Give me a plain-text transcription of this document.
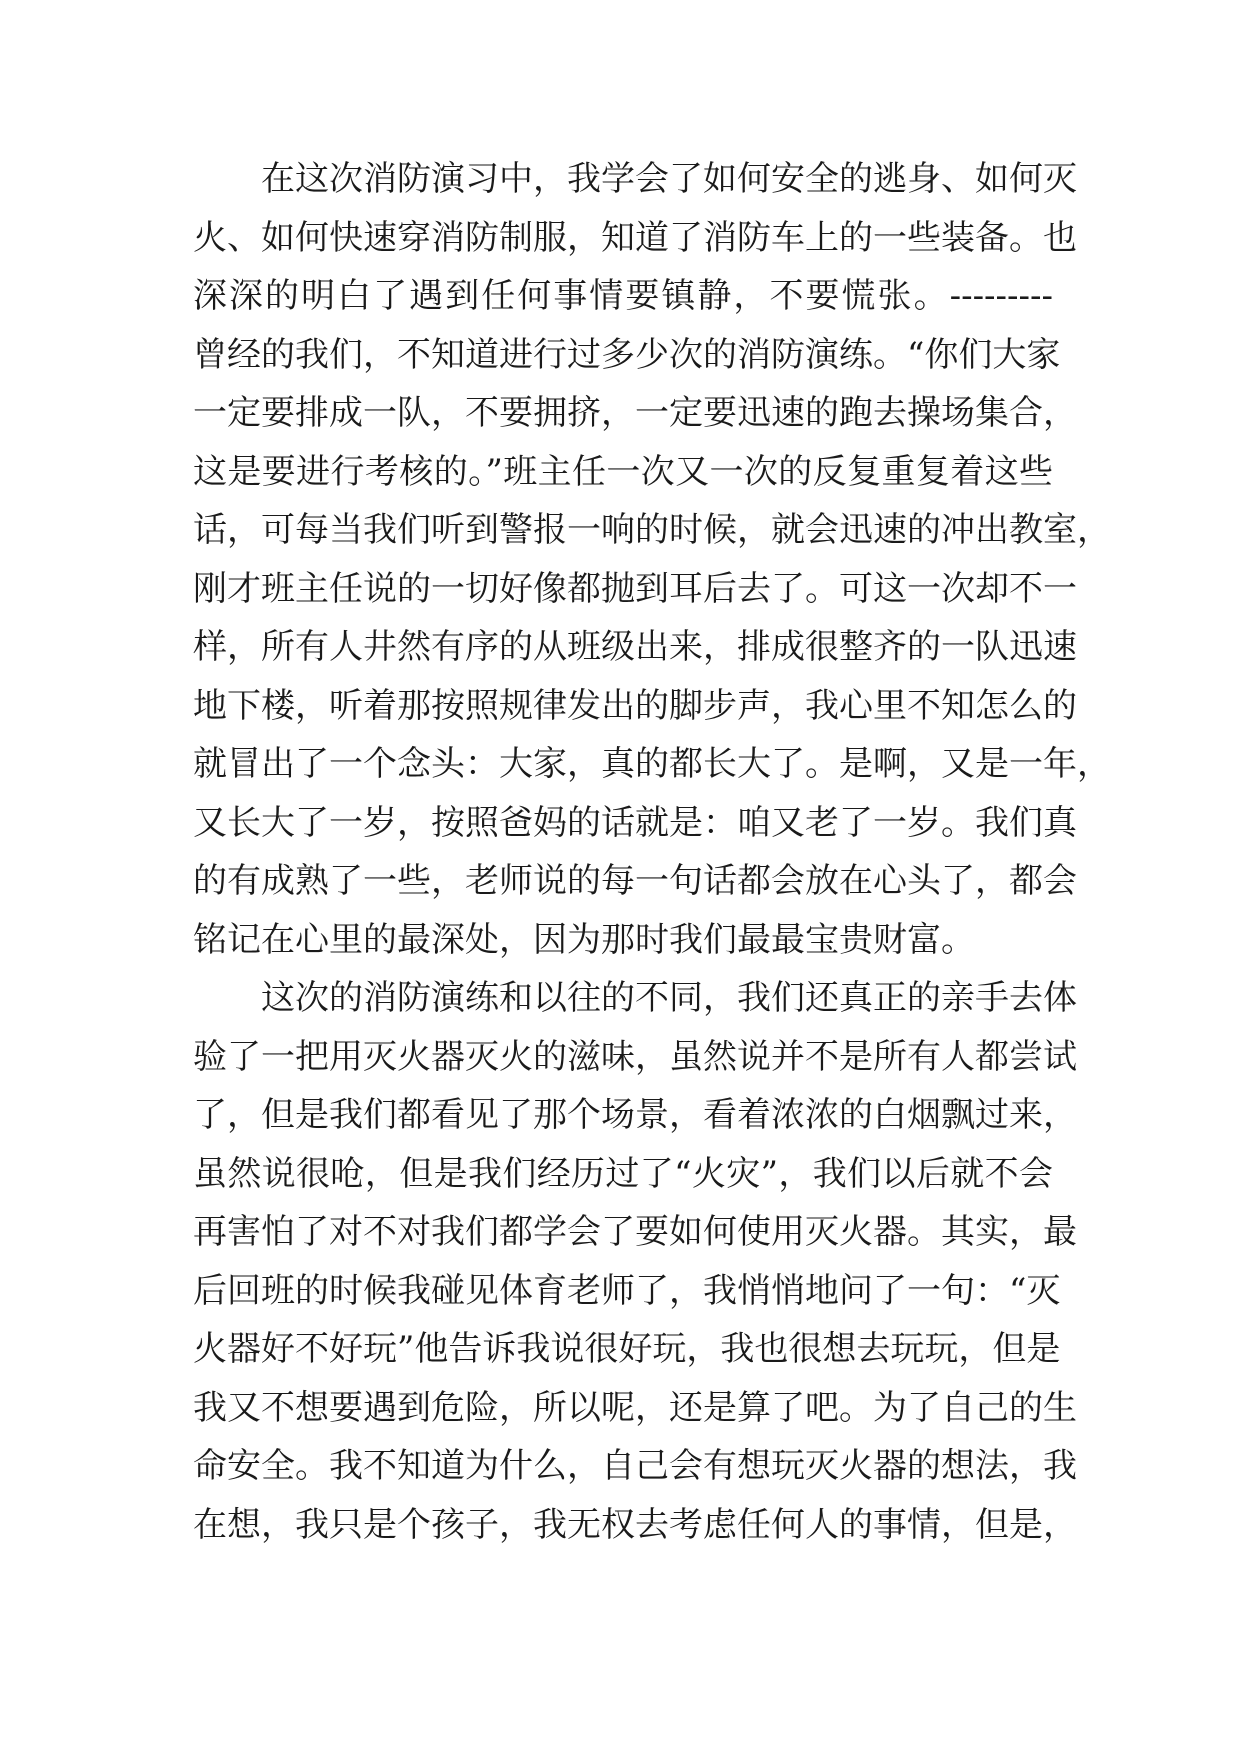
在这次消防演习中，我学会了如何安全的逃身、如何灭
火、如何快速穿消防制服，知道了消防车上的一些装备。也
深深的明白了遇到任何事情要镇静，不要慌张。---------
曾经的我们，不知道进行过多少次的消防演练。“你们大家
一定要排成一队，不要拥挤，一定要迅速的跑去操场集合，
这是要进行考核的。”班主任一次又一次的反复重复着这些
话，可每当我们听到警报一响的时候，就会迅速的冲出教室，
刚才班主任说的一切好像都抛到耳后去了。可这一次却不一
样，所有人井然有序的从班级出来，排成很整齐的一队迅速
地下楼，听着那按照规律发出的脚步声，我心里不知怎么的
就冒出了一个念头：大家，真的都长大了。是啊，又是一年，
又长大了一岁，按照爸妈的话就是：咱又老了一岁。我们真
的有成熟了一些，老师说的每一句话都会放在心头了，都会
铭记在心里的最深处，因为那时我们最最宝贵财富。
这次的消防演练和以往的不同，我们还真正的亲手去体
验了一把用灭火器灭火的滋味，虽然说并不是所有人都尝试
了，但是我们都看见了那个场景，看着浓浓的白烟飘过来，
虽然说很呛，但是我们经历过了“火灾”，我们以后就不会
再害怕了对不对我们都学会了要如何使用灭火器。其实，最
后回班的时候我碰见体育老师了，我悄悄地问了一句：“灭
火器好不好玩”他告诉我说很好玩，我也很想去玩玩，但是
我又不想要遇到危险，所以呢，还是算了吧。为了自己的生
命安全。我不知道为什么，自己会有想玩灭火器的想法，我
在想，我只是个孩子，我无权去考虑任何人的事情，但是，
